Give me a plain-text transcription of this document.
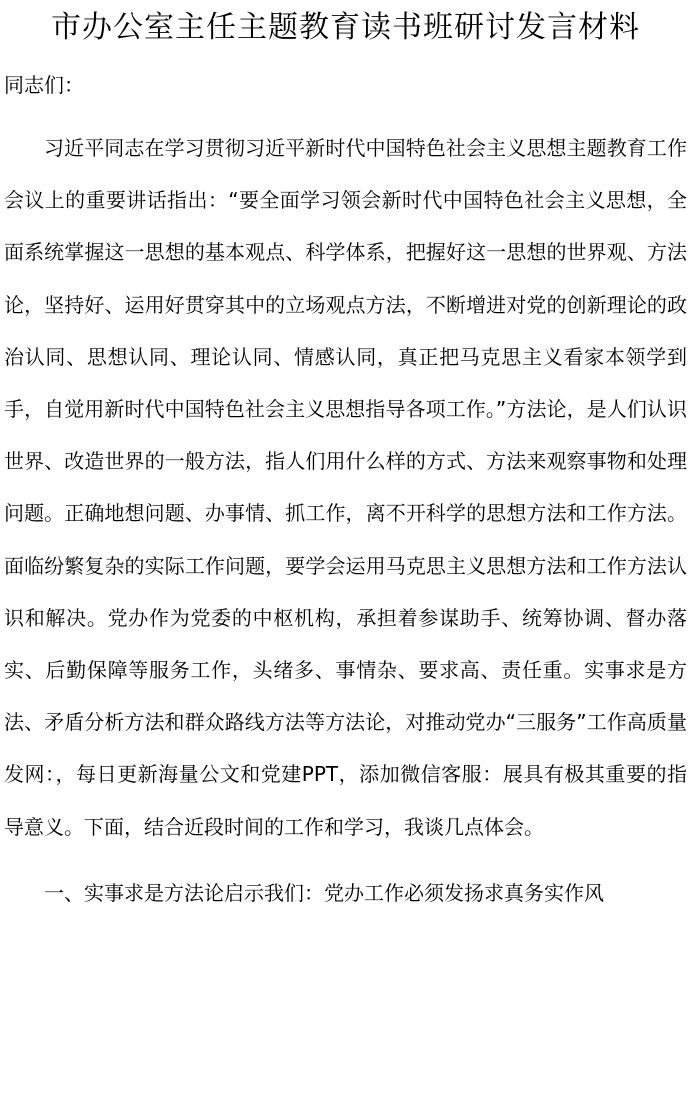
市办公室主任主题教育读书班研讨发言材料

同志们：

习近平同志在学习贯彻习近平新时代中国特色社会主义思想主题教育工作会议上的重要讲话指出：“要全面学习领会新时代中国特色社会主义思想，全面系统掌握这一思想的基本观点、科学体系，把握好这一思想的世界观、方法论，坚持好、运用好贯穿其中的立场观点方法，不断增进对党的创新理论的政治认同、思想认同、理论认同、情感认同，真正把马克思主义看家本领学到手，自觉用新时代中国特色社会主义思想指导各项工作。”方法论，是人们认识世界、改造世界的一般方法，指人们用什么样的方式、方法来观察事物和处理问题。正确地想问题、办事情、抓工作，离不开科学的思想方法和工作方法。面临纷繁复杂的实际工作问题，要学会运用马克思主义思想方法和工作方法认识和解决。党办作为党委的中枢机构，承担着参谋助手、统筹协调、督办落实、后勤保障等服务工作，头绪多、事情杂、要求高、责任重。实事求是方法、矛盾分析方法和群众路线方法等方法论，对推动党办“三服务”工作高质量发网：，每日更新海量公文和党建PPT，添加微信客服：展具有极其重要的指导意义。下面，结合近段时间的工作和学习，我谈几点体会。

一、实事求是方法论启示我们：党办工作必须发扬求真务实作风
